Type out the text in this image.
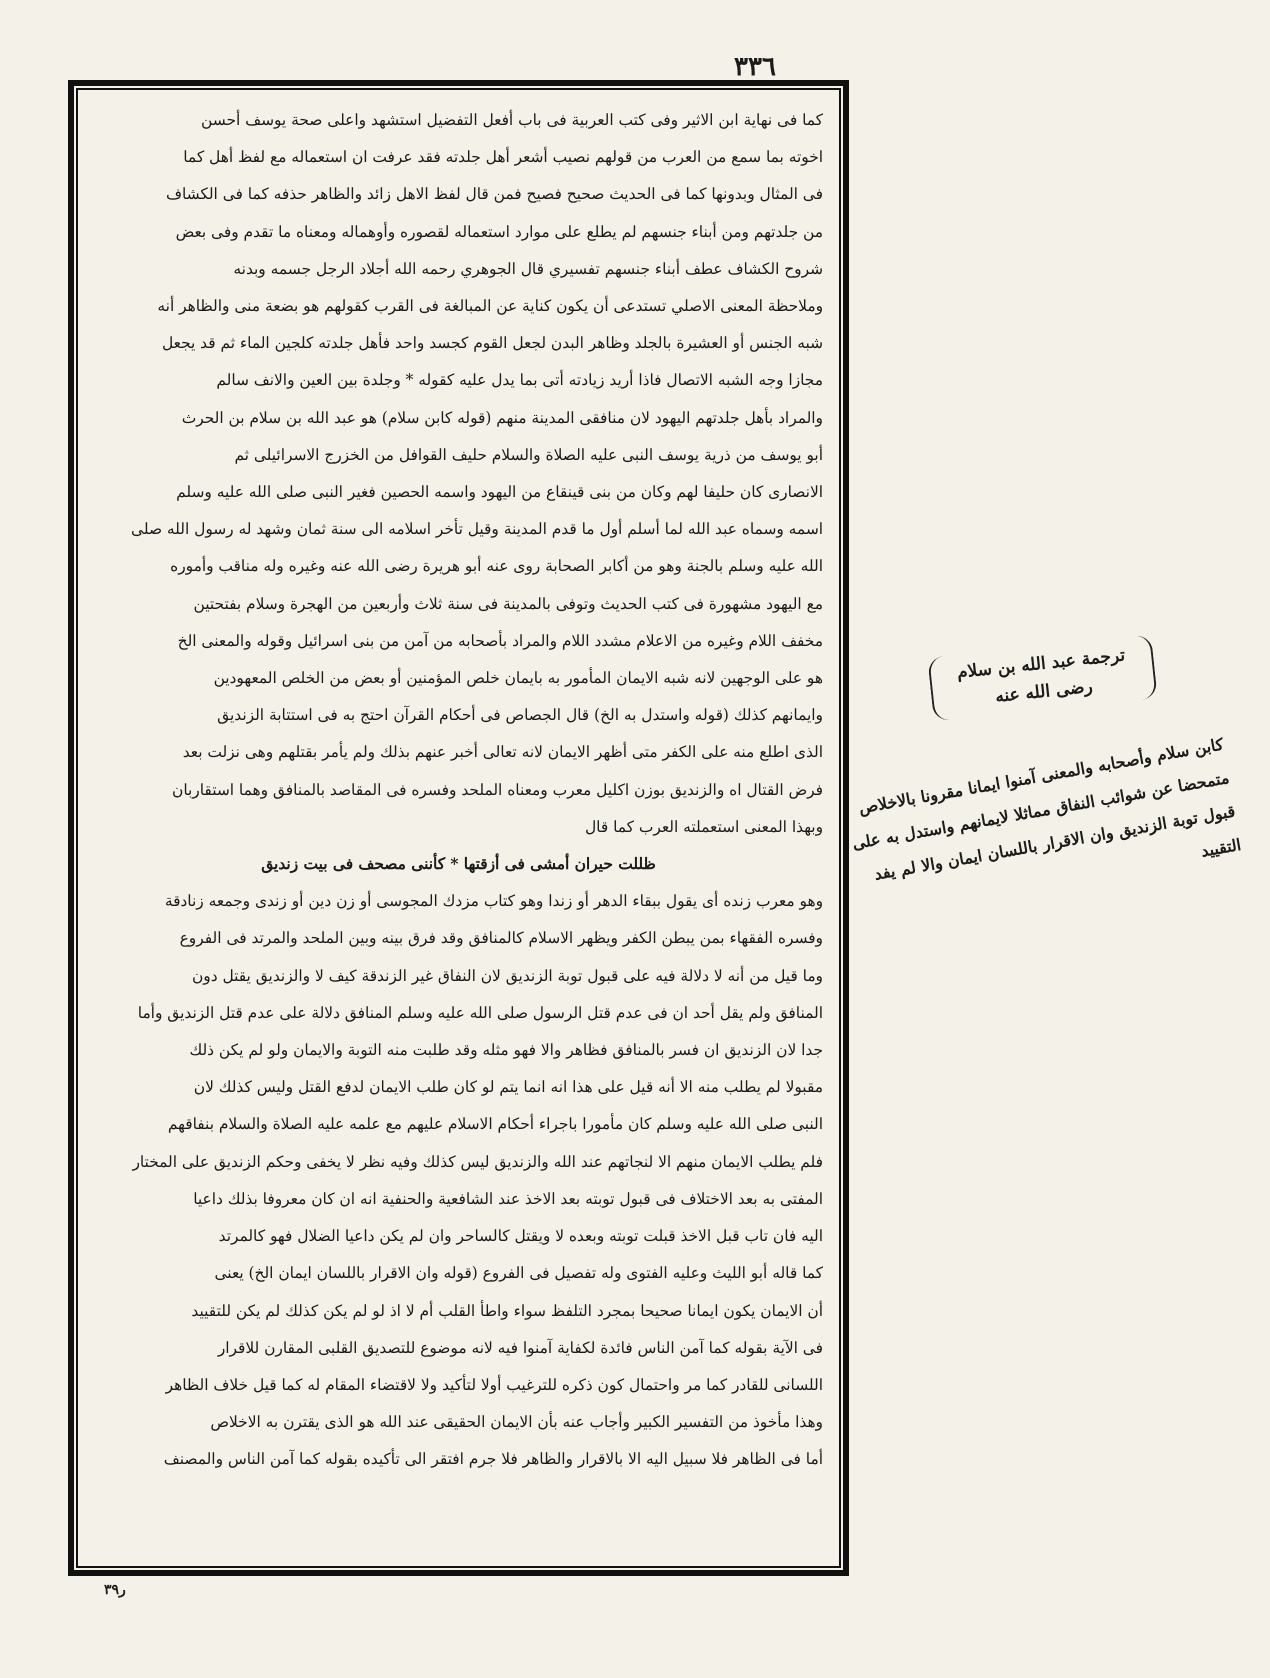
٣٣٦

كما فى نهاية ابن الاثير وفى كتب العربية فى باب أفعل التفضيل استشهد واعلى صحة يوسف أحسن

اخوته بما سمع من العرب من قولهم نصيب أشعر أهل جلدته فقد عرفت ان استعماله مع لفظ أهل كما

فى المثال وبدونها كما فى الحديث صحيح فصيح فمن قال لفظ الاهل زائد والظاهر حذفه كما فى الكشاف

من جلدتهم ومن أبناء جنسهم لم يطلع على موارد استعماله لقصوره وأوهماله ومعناه ما تقدم وفى بعض

شروح الكشاف عطف أبناء جنسهم تفسيري قال الجوهري رحمه الله أجلاد الرجل جسمه وبدنه

وملاحظة المعنى الاصلي تستدعى أن يكون كناية عن المبالغة فى القرب كقولهم هو بضعة منى والظاهر أنه

شبه الجنس أو العشيرة بالجلد وظاهر البدن لجعل القوم كجسد واحد فأهل جلدته كلجين الماء ثم قد يجعل

مجازا وجه الشبه الاتصال فاذا أريد زيادته أتى بما يدل عليه كقوله * وجلدة بين العين والانف سالم

والمراد بأهل جلدتهم اليهود لان منافقى المدينة منهم (قوله كابن سلام) هو عبد الله بن سلام بن الحرث

أبو يوسف من ذرية يوسف النبى عليه الصلاة والسلام حليف القوافل من الخزرج الاسرائيلى ثم

الانصارى كان حليفا لهم وكان من بنى قينقاع من اليهود واسمه الحصين فغير النبى صلى الله عليه وسلم

اسمه وسماه عبد الله لما أسلم أول ما قدم المدينة وقيل تأخر اسلامه الى سنة ثمان وشهد له رسول الله صلى

الله عليه وسلم بالجنة وهو من أكابر الصحابة روى عنه أبو هريرة رضى الله عنه وغيره وله مناقب وأموره

مع اليهود مشهورة فى كتب الحديث وتوفى بالمدينة فى سنة ثلاث وأربعين من الهجرة وسلام بفتحتين

مخفف اللام وغيره من الاعلام مشدد اللام والمراد بأصحابه من آمن من بنى اسرائيل وقوله والمعنى الخ

هو على الوجهين لانه شبه الايمان المأمور به بايمان خلص المؤمنين أو بعض من الخلص المعهودين

وايمانهم كذلك (قوله واستدل به الخ) قال الجصاص فى أحكام القرآن احتج به فى استتابة الزنديق

الذى اطلع منه على الكفر متى أظهر الايمان لانه تعالى أخبر عنهم بذلك ولم يأمر بقتلهم وهى نزلت بعد

فرض القتال اه والزنديق بوزن اكليل معرب ومعناه الملحد وفسره فى المقاصد بالمنافق وهما استقاربان

وبهذا المعنى استعملته العرب كما قال

ظللت حيران أمشى فى أزقتها * كأننى مصحف فى بيت زنديق

وهو معرب زنده أى يقول ببقاء الدهر أو زندا وهو كتاب مزدك المجوسى أو زن دين أو زندى وجمعه زنادقة

وفسره الفقهاء بمن يبطن الكفر ويظهر الاسلام كالمنافق وقد فرق بينه وبين الملحد والمرتد فى الفروع

وما قيل من أنه لا دلالة فيه على قبول توبة الزنديق لان النفاق غير الزندقة كيف لا والزنديق يقتل دون

المنافق ولم يقل أحد ان فى عدم قتل الرسول صلى الله عليه وسلم المنافق دلالة على عدم قتل الزنديق وأما

جدا لان الزنديق ان فسر بالمنافق فظاهر والا فهو مثله وقد طلبت منه التوبة والايمان ولو لم يكن ذلك

مقبولا لم يطلب منه الا أنه قيل على هذا انه انما يتم لو كان طلب الايمان لدفع القتل وليس كذلك لان

النبى صلى الله عليه وسلم كان مأمورا باجراء أحكام الاسلام عليهم مع علمه عليه الصلاة والسلام بنفاقهم

فلم يطلب الايمان منهم الا لنجاتهم عند الله والزنديق ليس كذلك وفيه نظر لا يخفى وحكم الزنديق على المختار

المفتى به بعد الاختلاف فى قبول توبته بعد الاخذ عند الشافعية والحنفية انه ان كان معروفا بذلك داعيا

اليه فان تاب قبل الاخذ قبلت توبته وبعده لا ويقتل كالساحر وان لم يكن داعيا الضلال فهو كالمرتد

كما قاله أبو الليث وعليه الفتوى وله تفصيل فى الفروع (قوله وان الاقرار باللسان ايمان الخ) يعنى

أن الايمان يكون ايمانا صحيحا بمجرد التلفظ سواء واطأ القلب أم لا اذ لو لم يكن كذلك لم يكن للتقييد

فى الآية بقوله كما آمن الناس فائدة لكفاية آمنوا فيه لانه موضوع للتصديق القلبى المقارن للاقرار

اللسانى للقادر كما مر واحتمال كون ذكره للترغيب أولا لتأكيد ولا لاقتضاء المقام له كما قيل خلاف الظاهر

وهذا مأخوذ من التفسير الكبير وأجاب عنه بأن الايمان الحقيقى عند الله هو الذى يقترن به الاخلاص

أما فى الظاهر فلا سبيل اليه الا بالاقرار والظاهر فلا جرم افتقر الى تأكيده بقوله كما آمن الناس والمصنف

ر٣٩
ترجمة عبد الله بن سلام رضى الله عنه
كابن سلام وأصحابه والمعنى آمنوا ايمانا مقرونا بالاخلاص متمحضا عن شوائب النفاق مماثلا لايمانهم واستدل به على قبول توبة الزنديق وان الاقرار باللسان ايمان والا لم يفد التقييد
